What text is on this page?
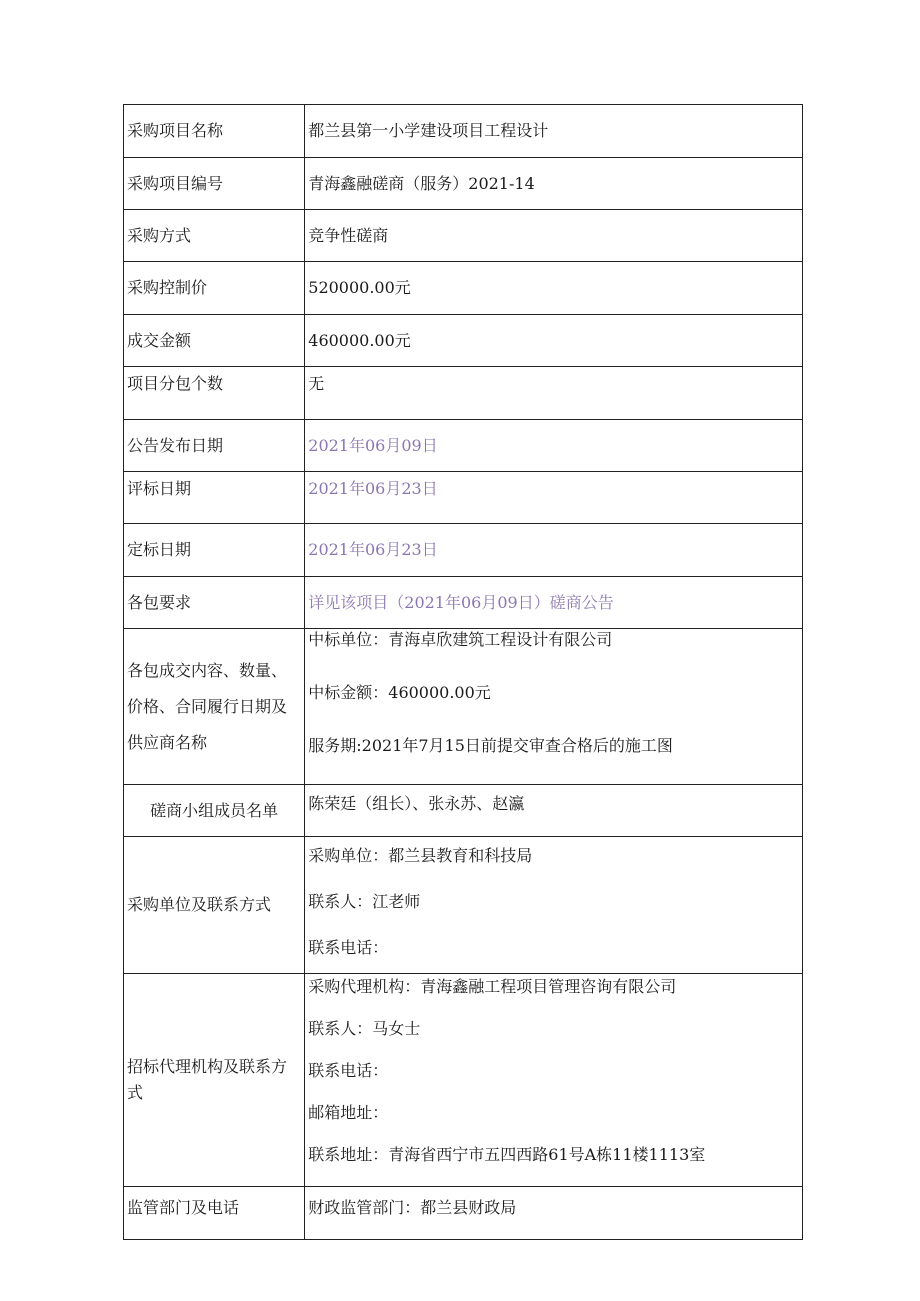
采购项目名称	都兰县第一小学建设项目工程设计
采购项目编号	青海鑫融磋商（服务）2021-14
采购方式	竞争性磋商
采购控制价	520000.00元
成交金额	460000.00元
项目分包个数	无
公告发布日期	2021年06月09日
评标日期	2021年06月23日
定标日期	2021年06月23日
各包要求	详见该项目（2021年06月09日）磋商公告
各包成交内容、数量、价格、合同履行日期及供应商名称	中标单位：青海卓欣建筑工程设计有限公司
中标金额：460000.00元
服务期:2021年7月15日前提交审查合格后的施工图

磋商小组成员名单	陈荣廷（组长）、张永苏、赵瀛
采购单位及联系方式	采购单位：都兰县教育和科技局
联系人：江老师
联系电话：

招标代理机构及联系方式	采购代理机构：青海鑫融工程项目管理咨询有限公司
联系人：马女士
联系电话：
邮箱地址：
联系地址：青海省西宁市五四西路61号A栋11楼1113室

监管部门及电话	财政监管部门：都兰县财政局
